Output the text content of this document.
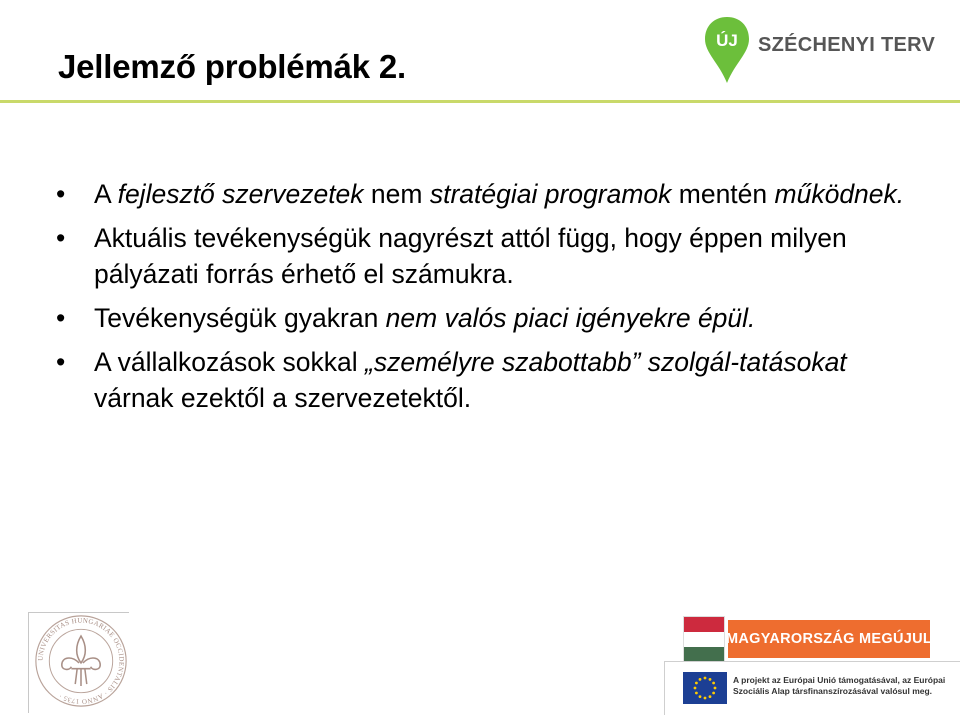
Jellemző problémák 2.
ÚJ SZÉCHENYI TERV
• A fejlesztő szervezetek nem stratégiai programok mentén működnek.
• Aktuális tevékenységük nagyrészt attól függ, hogy éppen milyen pályázati forrás érhető el számukra.
• Tevékenységük gyakran nem valós piaci igényekre épül.
• A vállalkozások sokkal „személyre szabottabb” szolgál-tatásokat várnak ezektől a szervezetektől.
UNIVERSITAS HUNGARIAE OCCIDENTALIS · ANNO 1735 ·
MAGYARORSZÁG MEGÚJUL
A projekt az Európai Unió támogatásával, az Európai
Szociális Alap társfinanszírozásával valósul meg.
